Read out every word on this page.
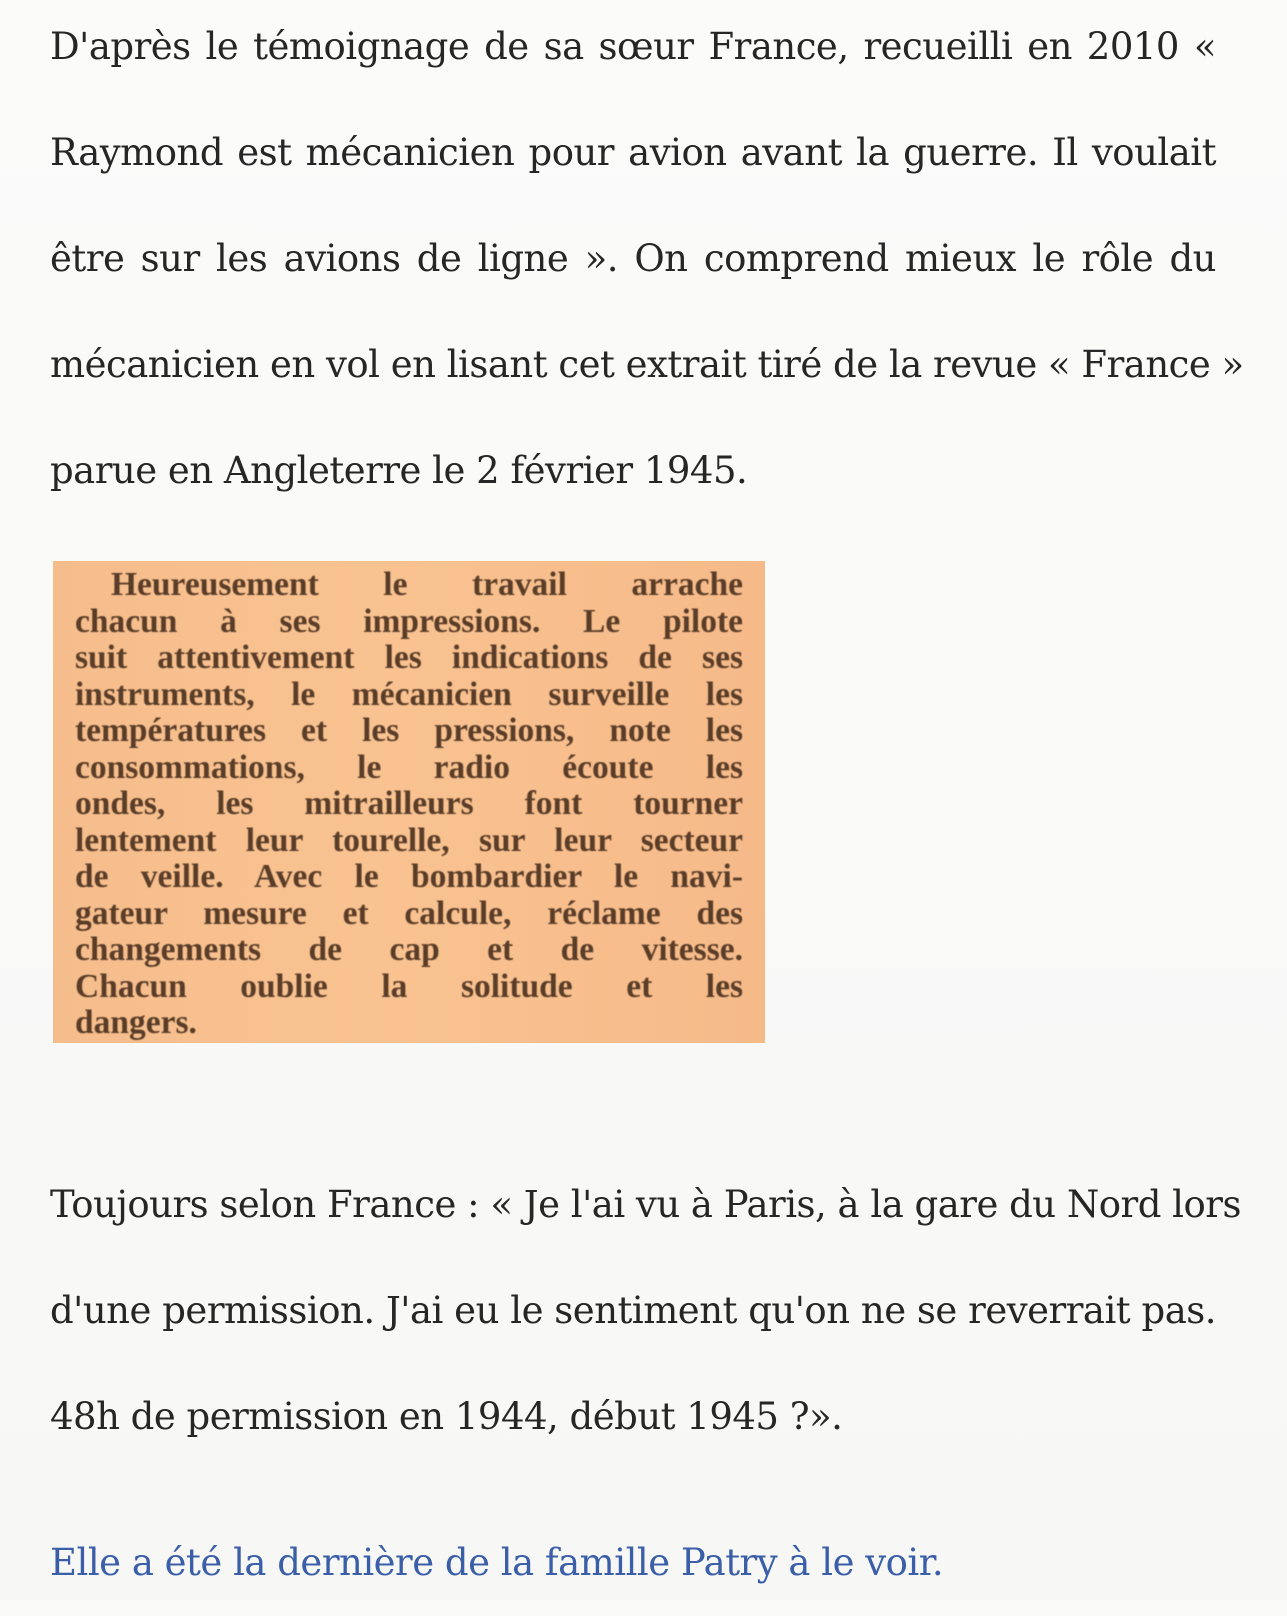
D'après le témoignage de sa sœur France, recueilli en 2010 «
Raymond est mécanicien pour avion avant la guerre. Il voulait
être sur les avions de ligne ». On comprend mieux le rôle du
mécanicien en vol en lisant cet extrait tiré de la revue « France »
parue en Angleterre le 2 février 1945.
Heureusement le travail arrache
chacun à ses impressions. Le pilote
suit attentivement les indications de ses
instruments, le mécanicien surveille les
températures et les pressions, note les
consommations, le radio écoute les
ondes, les mitrailleurs font tourner
lentement leur tourelle, sur leur secteur
de veille. Avec le bombardier le navi-
gateur mesure et calcule, réclame des
changements de cap et de vitesse.
Chacun oublie la solitude et les
dangers.
Toujours selon France : « Je l'ai vu à Paris, à la gare du Nord lors
d'une permission. J'ai eu le sentiment qu'on ne se reverrait pas.
48h de permission en 1944, début 1945 ?».
Elle a été la dernière de la famille Patry à le voir.
